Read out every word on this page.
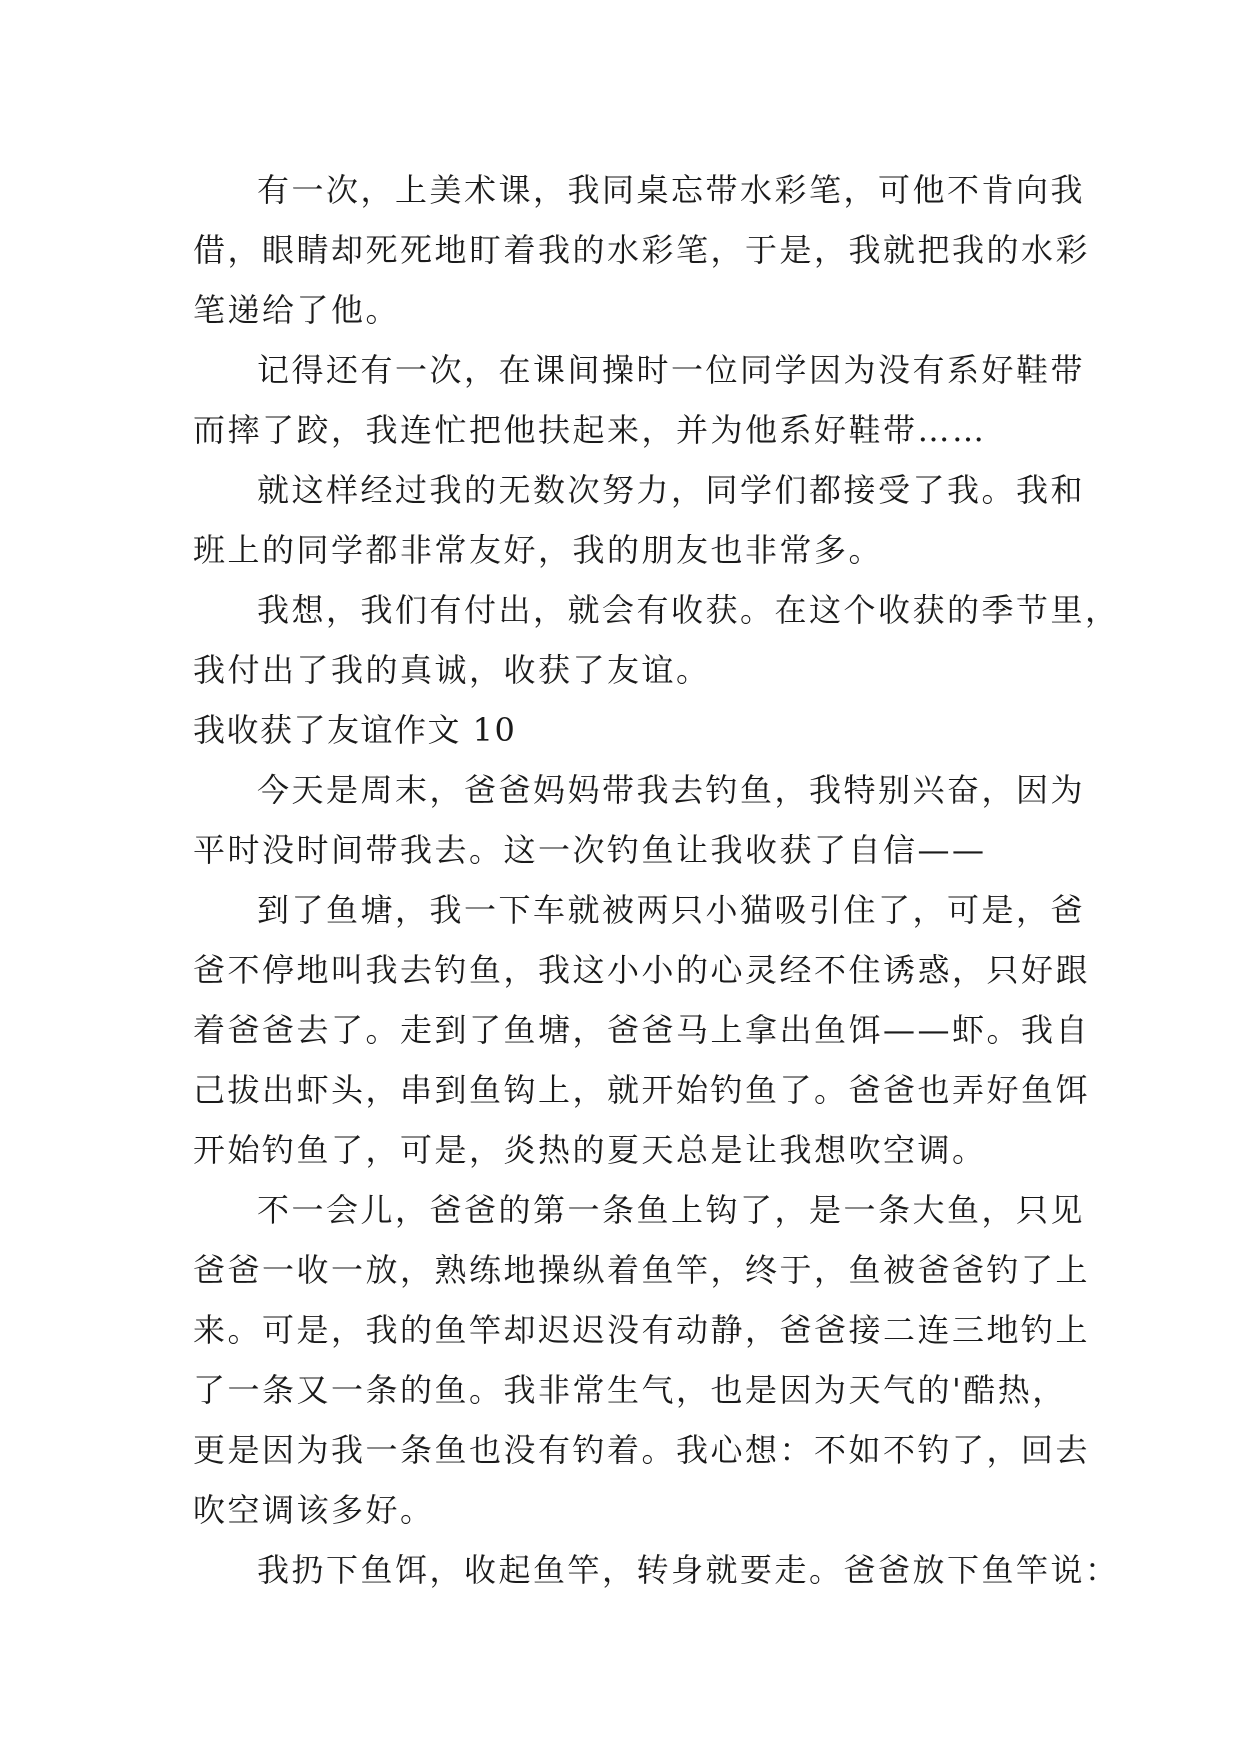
有一次，上美术课，我同桌忘带水彩笔，可他不肯向我
借，眼睛却死死地盯着我的水彩笔，于是，我就把我的水彩
笔递给了他。
记得还有一次，在课间操时一位同学因为没有系好鞋带
而摔了跤，我连忙把他扶起来，并为他系好鞋带……
就这样经过我的无数次努力，同学们都接受了我。我和
班上的同学都非常友好，我的朋友也非常多。
我想，我们有付出，就会有收获。在这个收获的季节里，
我付出了我的真诚，收获了友谊。
我收获了友谊作文 10
今天是周末，爸爸妈妈带我去钓鱼，我特别兴奋，因为
平时没时间带我去。这一次钓鱼让我收获了自信——
到了鱼塘，我一下车就被两只小猫吸引住了，可是，爸
爸不停地叫我去钓鱼，我这小小的心灵经不住诱惑，只好跟
着爸爸去了。走到了鱼塘，爸爸马上拿出鱼饵——虾。我自
己拔出虾头，串到鱼钩上，就开始钓鱼了。爸爸也弄好鱼饵
开始钓鱼了，可是，炎热的夏天总是让我想吹空调。
不一会儿，爸爸的第一条鱼上钩了，是一条大鱼，只见
爸爸一收一放，熟练地操纵着鱼竿，终于，鱼被爸爸钓了上
来。可是，我的鱼竿却迟迟没有动静，爸爸接二连三地钓上
了一条又一条的鱼。我非常生气，也是因为天气的'酷热，
更是因为我一条鱼也没有钓着。我心想：不如不钓了，回去
吹空调该多好。
我扔下鱼饵，收起鱼竿，转身就要走。爸爸放下鱼竿说：
